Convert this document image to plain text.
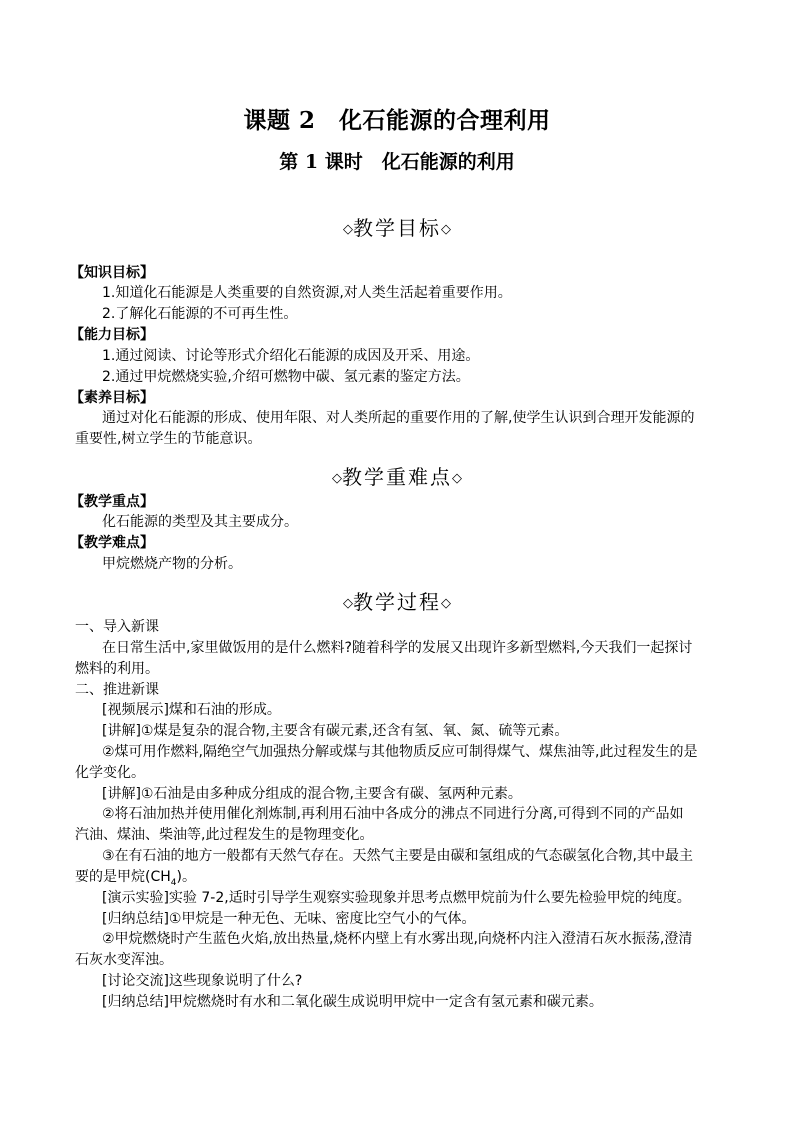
课题 2　化石能源的合理利用
第 1 课时　化石能源的利用
◇教学目标◇
【知识目标】
1.知道化石能源是人类重要的自然资源,对人类生活起着重要作用。
2.了解化石能源的不可再生性。
【能力目标】
1.通过阅读、讨论等形式介绍化石能源的成因及开采、用途。
2.通过甲烷燃烧实验,介绍可燃物中碳、氢元素的鉴定方法。
【素养目标】
通过对化石能源的形成、使用年限、对人类所起的重要作用的了解,使学生认识到合理开发能源的
重要性,树立学生的节能意识。
◇教学重难点◇
【教学重点】
化石能源的类型及其主要成分。
【教学难点】
甲烷燃烧产物的分析。
◇教学过程◇
一、导入新课
在日常生活中,家里做饭用的是什么燃料?随着科学的发展又出现许多新型燃料,今天我们一起探讨
燃料的利用。
二、推进新课
[视频展示]煤和石油的形成。
[讲解]①煤是复杂的混合物,主要含有碳元素,还含有氢、氧、氮、硫等元素。
②煤可用作燃料,隔绝空气加强热分解或煤与其他物质反应可制得煤气、煤焦油等,此过程发生的是
化学变化。
[讲解]①石油是由多种成分组成的混合物,主要含有碳、氢两种元素。
②将石油加热并使用催化剂炼制,再利用石油中各成分的沸点不同进行分离,可得到不同的产品如
汽油、煤油、柴油等,此过程发生的是物理变化。
③在有石油的地方一般都有天然气存在。天然气主要是由碳和氢组成的气态碳氢化合物,其中最主
要的是甲烷$(CH_4)$。
[演示实验]实验 7-2,适时引导学生观察实验现象并思考点燃甲烷前为什么要先检验甲烷的纯度。
[归纳总结]①甲烷是一种无色、无味、密度比空气小的气体。
②甲烷燃烧时产生蓝色火焰,放出热量,烧杯内壁上有水雾出现,向烧杯内注入澄清石灰水振荡,澄清
石灰水变浑浊。
[讨论交流]这些现象说明了什么?
[归纳总结]甲烷燃烧时有水和二氧化碳生成说明甲烷中一定含有氢元素和碳元素。
